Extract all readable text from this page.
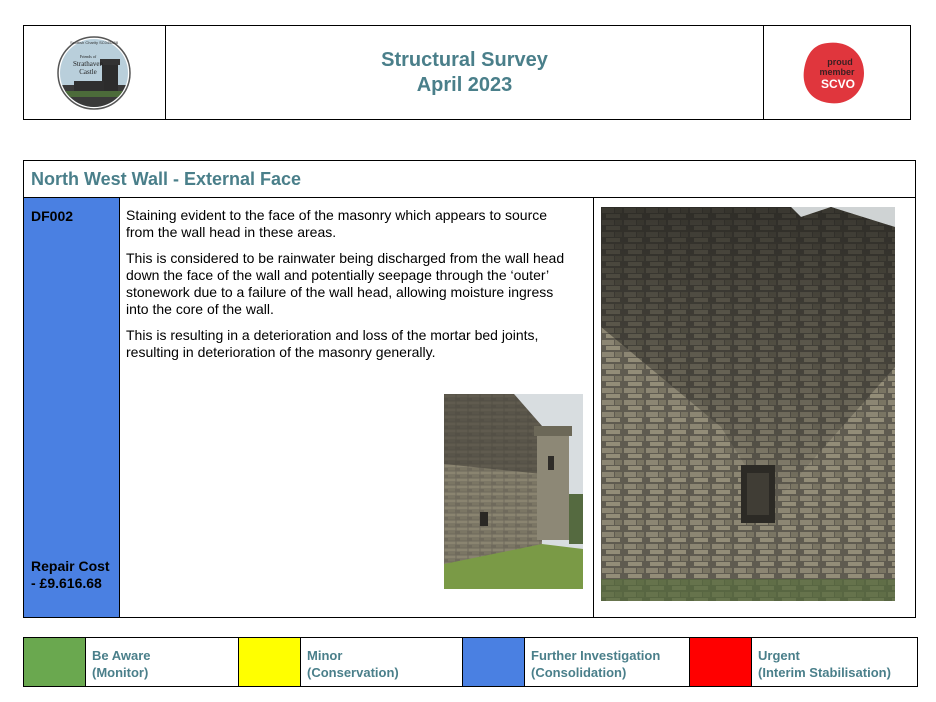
Scottish Charity SC045888
Friends of
Strathaven
Castle
Structural Survey
April 2023
proud
member
SCVO
North West Wall - External Face
DF002
Repair Cost - £9.616.68

Staining evident to the face of the masonry which appears to source from the wall head in these areas.

This is considered to be rainwater being discharged from the wall head down the face of the wall and potentially seepage through the ‘outer’ stonework due to a failure of the wall head, allowing moisture ingress into the core of the wall.

This is resulting in a deterioration and loss of the mortar bed joints, resulting in deterioration of the masonry generally.

Be Aware
(Monitor)
Minor
(Conservation)
Further Investigation
(Consolidation)
Urgent
(Interim Stabilisation)
